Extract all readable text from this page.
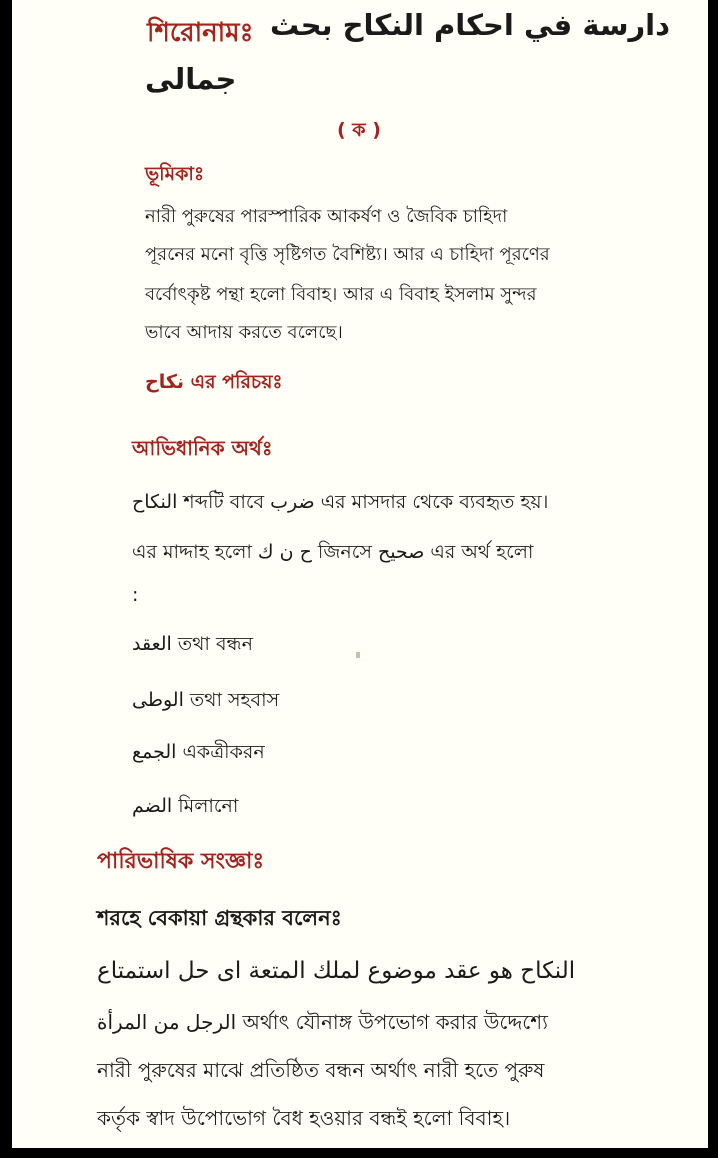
শিরোনামঃ دارسة في احكام النكاح بحث
جمالى
( ক )
ভূমিকাঃ
নারী পুরুষের পারস্পারিক আকর্ষণ ও জৈবিক চাহিদা
পূরনের মনো বৃত্তি সৃষ্টিগত বৈশিষ্ট্য। আর এ চাহিদা পূরণের
বর্বোৎকৃষ্ট পন্থা হলো বিবাহ। আর এ বিবাহ ইসলাম সুন্দর
ভাবে আদায় করতে বলেছে।
نكاح এর পরিচয়ঃ
আভিধানিক অর্থঃ
النكاح শব্দটি বাবে ضرب এর মাসদার থেকে ব্যবহৃত হয়।
এর মাদ্দাহ হলো ح ن ك জিনসে صحيح এর অর্থ হলো
:
العقد তথা বন্ধন
الوطى তথা সহবাস
الجمع একত্রীকরন
الضم মিলানো
পারিভাষিক সংজ্ঞাঃ
শরহে বেকায়া গ্রন্থকার বলেনঃ
النكاح هو عقد موضوع لملك المتعة اى حل استمتاع
الرجل من المرأة অর্থাৎ যৌনাঙ্গ উপভোগ করার উদ্দেশ্যে
নারী পুরুষের মাঝে প্রতিষ্ঠিত বন্ধন অর্থাৎ নারী হতে পুরুষ
কর্তৃক স্বাদ উপোভোগ বৈধ হওয়ার বন্ধই হলো বিবাহ।
